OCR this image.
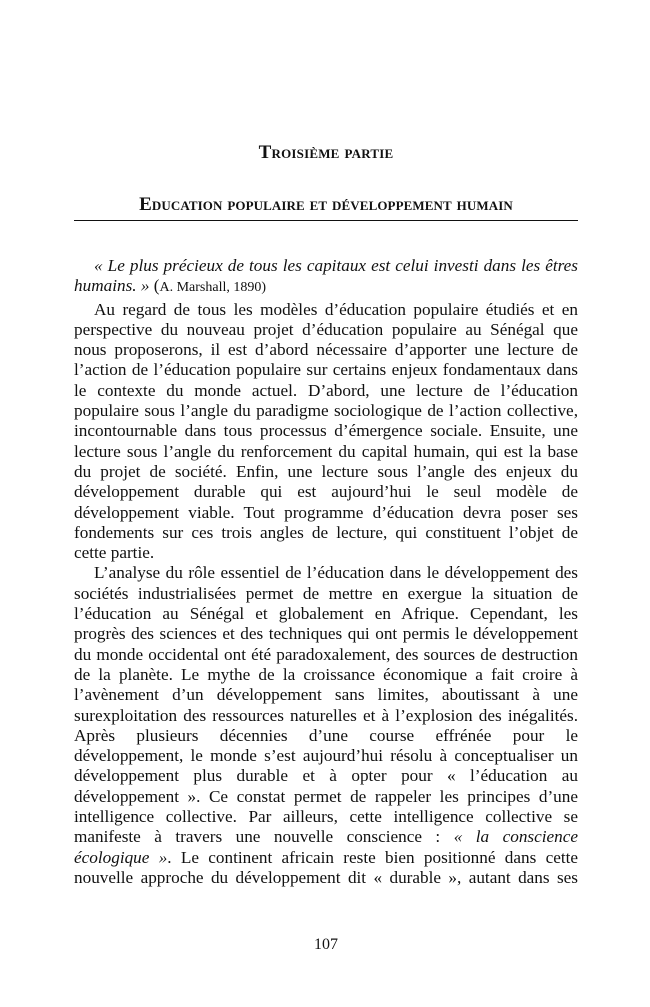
Troisième partie
Education populaire et développement humain
« Le plus précieux de tous les capitaux est celui investi dans les êtres
humains. » (A. Marshall, 1890)
Au regard de tous les modèles d’éducation populaire étudiés et en
perspective du nouveau projet d’éducation populaire au Sénégal que
nous proposerons, il est d’abord nécessaire d’apporter une lecture de
l’action de l’éducation populaire sur certains enjeux fondamentaux dans
le contexte du monde actuel. D’abord, une lecture de l’éducation
populaire sous l’angle du paradigme sociologique de l’action collective,
incontournable dans tous processus d’émergence sociale. Ensuite, une
lecture sous l’angle du renforcement du capital humain, qui est la base
du projet de société. Enfin, une lecture sous l’angle des enjeux du
développement durable qui est aujourd’hui le seul modèle de
développement viable. Tout programme d’éducation devra poser ses
fondements sur ces trois angles de lecture, qui constituent l’objet de
cette partie.
L’analyse du rôle essentiel de l’éducation dans le développement des
sociétés industrialisées permet de mettre en exergue la situation de
l’éducation au Sénégal et globalement en Afrique. Cependant, les
progrès des sciences et des techniques qui ont permis le développement
du monde occidental ont été paradoxalement, des sources de destruction
de la planète. Le mythe de la croissance économique a fait croire à
l’avènement d’un développement sans limites, aboutissant à une
surexploitation des ressources naturelles et à l’explosion des inégalités.
Après plusieurs décennies d’une course effrénée pour le
développement, le monde s’est aujourd’hui résolu à conceptualiser un
développement plus durable et à opter pour « l’éducation au
développement ». Ce constat permet de rappeler les principes d’une
intelligence collective. Par ailleurs, cette intelligence collective se
manifeste à travers une nouvelle conscience : « la conscience
écologique ». Le continent africain reste bien positionné dans cette
nouvelle approche du développement dit « durable », autant dans ses
107
